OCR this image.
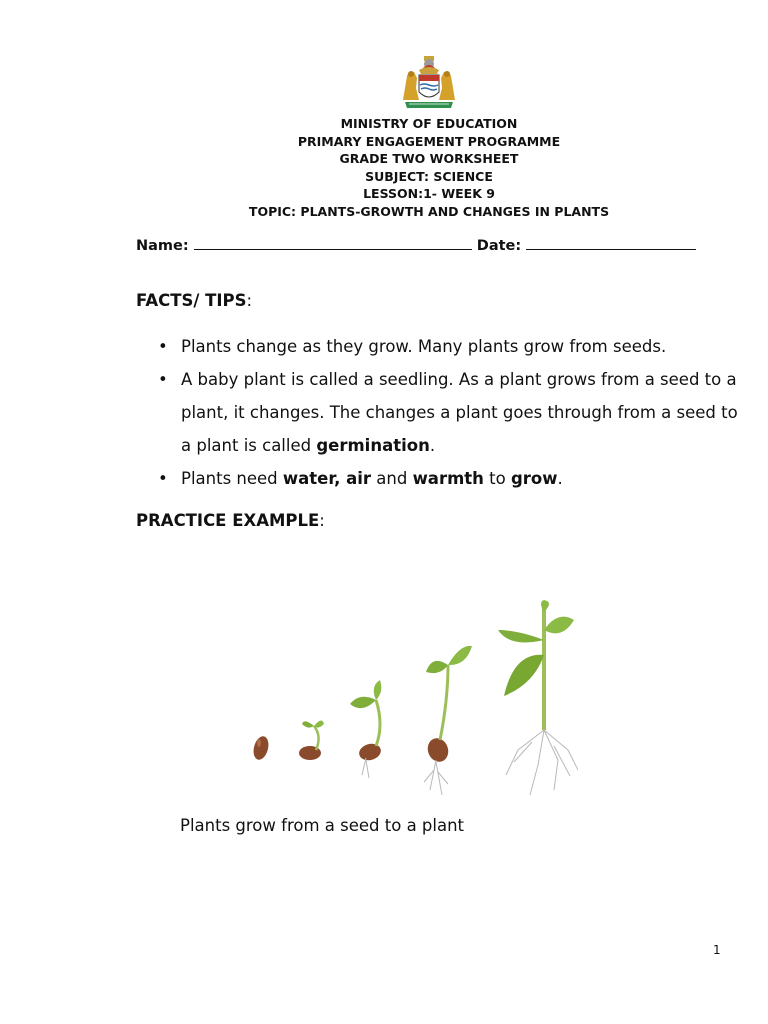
MINISTRY OF EDUCATION
PRIMARY ENGAGEMENT PROGRAMME
GRADE TWO WORKSHEET
SUBJECT: SCIENCE
LESSON:1- WEEK 9
TOPIC: PLANTS-GROWTH AND CHANGES IN PLANTS
Name:	Date:
FACTS/ TIPS:
• Plants change as they grow. Many plants grow from seeds.
• A baby plant is called a seedling. As a plant grows from a seed to a plant, it changes. The changes a plant goes through from a seed to a plant is called germination.
• Plants need water, air and warmth to grow.
PRACTICE EXAMPLE:
Plants grow from a seed to a plant
1
